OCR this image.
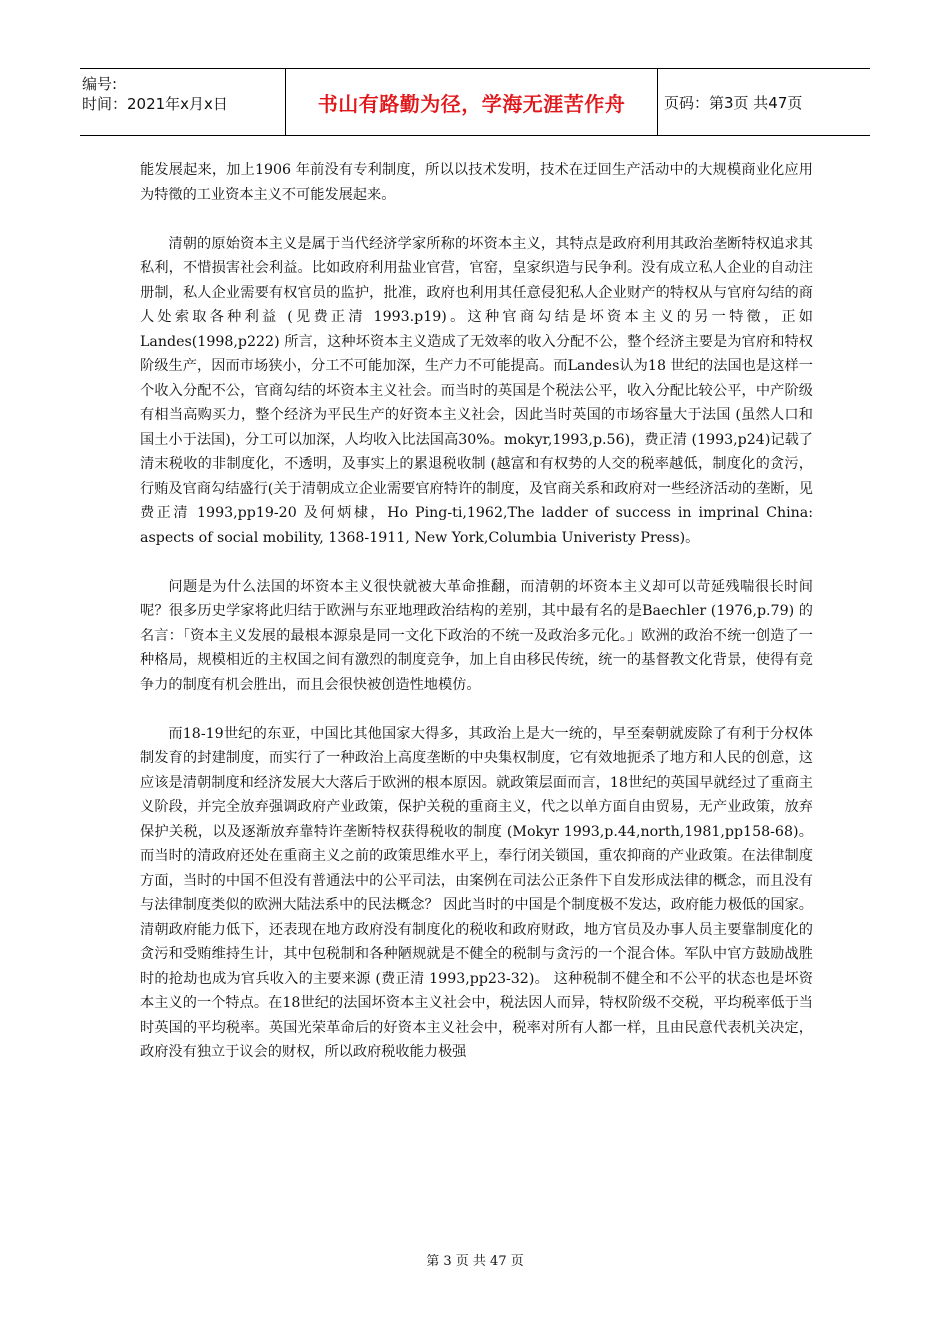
编号:
时间：2021年x月x日	书山有路勤为径，学海无涯苦作舟	页码：第3页 共47页

能发展起来，加上1906 年前没有专利制度，所以以技术发明，技术在迂回生产活动中的大规模商业化应用为特徵的工业资本主义不可能发展起来。

清朝的原始资本主义是属于当代经济学家所称的坏资本主义，其特点是政府利用其政治垄断特权追求其私利，不惜损害社会利益。比如政府利用盐业官营，官窑，皇家织造与民争利。没有成立私人企业的自动注册制，私人企业需要有权官员的监护，批准，政府也利用其任意侵犯私人企业财产的特权从与官府勾结的商人处索取各种利益 (见费正清 1993.p19)。这种官商勾结是坏资本主义的另一特徵，正如 Landes(1998,p222) 所言，这种坏资本主义造成了无效率的收入分配不公，整个经济主要是为官府和特权阶级生产，因而市场狭小，分工不可能加深，生产力不可能提高。而Landes认为18 世纪的法国也是这样一个收入分配不公，官商勾结的坏资本主义社会。而当时的英国是个税法公平，收入分配比较公平，中产阶级有相当高购买力，整个经济为平民生产的好资本主义社会，因此当时英国的市场容量大于法国 (虽然人口和国土小于法国)，分工可以加深，人均收入比法国高30%。mokyr,1993,p.56)，费正清 (1993,p24)记载了清末税收的非制度化，不透明，及事实上的累退税收制 (越富和有权势的人交的税率越低，制度化的贪污，行贿及官商勾结盛行(关于清朝成立企业需要官府特许的制度，及官商关系和政府对一些经济活动的垄断，见费正清 1993,pp19-20 及何炳棣，Ho Ping-ti,1962,The ladder of success in imprinal China: aspects of social mobility, 1368-1911, New York,Columbia Univeristy Press)。

问题是为什么法国的坏资本主义很快就被大革命推翻，而清朝的坏资本主义却可以苛延残喘很长时间呢？很多历史学家将此归结于欧洲与东亚地理政治结构的差别，其中最有名的是Baechler (1976,p.79) 的名言：「资本主义发展的最根本源泉是同一文化下政治的不统一及政治多元化。」欧洲的政治不统一创造了一种格局，规模相近的主权国之间有激烈的制度竞争，加上自由移民传统，统一的基督教文化背景，使得有竞争力的制度有机会胜出，而且会很快被创造性地模仿。

而18-19世纪的东亚，中国比其他国家大得多，其政治上是大一统的，早至秦朝就废除了有利于分权体制发育的封建制度，而实行了一种政治上高度垄断的中央集权制度，它有效地扼杀了地方和人民的创意，这应该是清朝制度和经济发展大大落后于欧洲的根本原因。就政策层面而言，18世纪的英国早就经过了重商主义阶段，并完全放弃强调政府产业政策，保护关税的重商主义，代之以单方面自由贸易，无产业政策，放弃保护关税，以及逐渐放弃靠特许垄断特权获得税收的制度 (Mokyr 1993,p.44,north,1981,pp158-68)。而当时的清政府还处在重商主义之前的政策思维水平上，奉行闭关锁国，重农抑商的产业政策。在法律制度方面，当时的中国不但没有普通法中的公平司法，由案例在司法公正条件下自发形成法律的概念，而且没有与法律制度类似的欧洲大陆法系中的民法概念？ 因此当时的中国是个制度极不发达，政府能力极低的国家。清朝政府能力低下，还表现在地方政府没有制度化的税收和政府财政，地方官员及办事人员主要靠制度化的贪污和受贿维持生计，其中包税制和各种陋规就是不健全的税制与贪污的一个混合体。军队中官方鼓励战胜时的抢劫也成为官兵收入的主要来源 (费正清 1993,pp23-32)。 这种税制不健全和不公平的状态也是坏资本主义的一个特点。在18世纪的法国坏资本主义社会中，税法因人而异，特权阶级不交税，平均税率低于当时英国的平均税率。英国光荣革命后的好资本主义社会中，税率对所有人都一样，且由民意代表机关决定，政府没有独立于议会的财权，所以政府税收能力极强

第 3 页 共 47 页
